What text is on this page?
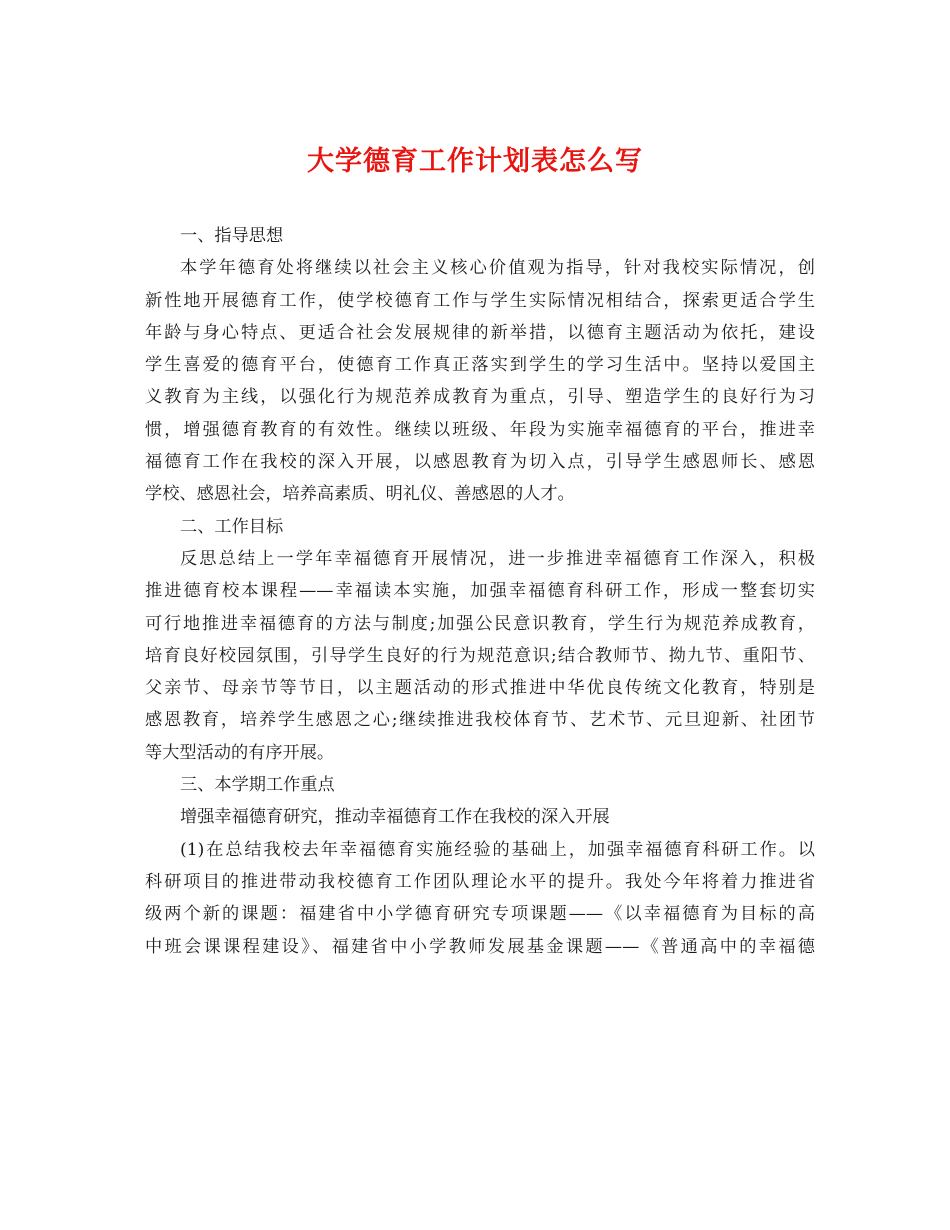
大学德育工作计划表怎么写
一、指导思想
本学年德育处将继续以社会主义核心价值观为指导，针对我校实际情况，创
新性地开展德育工作，使学校德育工作与学生实际情况相结合，探索更适合学生
年龄与身心特点、更适合社会发展规律的新举措，以德育主题活动为依托，建设
学生喜爱的德育平台，使德育工作真正落实到学生的学习生活中。坚持以爱国主
义教育为主线，以强化行为规范养成教育为重点，引导、塑造学生的良好行为习
惯，增强德育教育的有效性。继续以班级、年段为实施幸福德育的平台，推进幸
福德育工作在我校的深入开展，以感恩教育为切入点，引导学生感恩师长、感恩
学校、感恩社会，培养高素质、明礼仪、善感恩的人才。
二、工作目标
反思总结上一学年幸福德育开展情况，进一步推进幸福德育工作深入，积极
推进德育校本课程——幸福读本实施，加强幸福德育科研工作，形成一整套切实
可行地推进幸福德育的方法与制度;加强公民意识教育，学生行为规范养成教育，
培育良好校园氛围，引导学生良好的行为规范意识;结合教师节、拗九节、重阳节、
父亲节、母亲节等节日，以主题活动的形式推进中华优良传统文化教育，特别是
感恩教育，培养学生感恩之心;继续推进我校体育节、艺术节、元旦迎新、社团节
等大型活动的有序开展。
三、本学期工作重点
增强幸福德育研究，推动幸福德育工作在我校的深入开展
(1)在总结我校去年幸福德育实施经验的基础上，加强幸福德育科研工作。以
科研项目的推进带动我校德育工作团队理论水平的提升。我处今年将着力推进省
级两个新的课题：福建省中小学德育研究专项课题——《以幸福德育为目标的高
中班会课课程建设》、福建省中小学教师发展基金课题——《普通高中的幸福德
